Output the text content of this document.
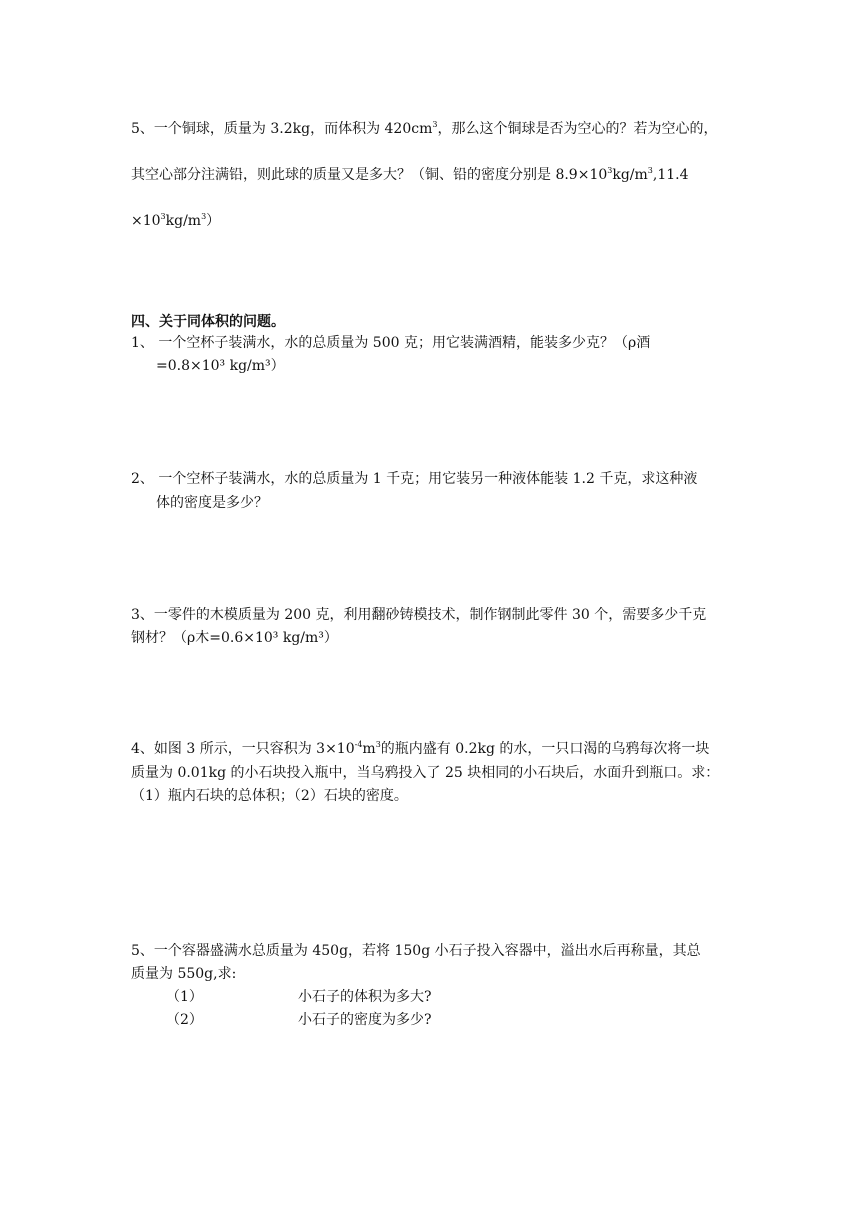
5、一个铜球，质量为 3.2kg，而体积为 $420cm^3$，那么这个铜球是否为空心的？若为空心的，
其空心部分注满铅，则此球的质量又是多大？（铜、铅的密度分别是 $8.9\times 10^3kg/m^3,11.4$
$\times 10^3kg/m^3$）
四、关于同体积的问题。
1、 一个空杯子装满水，水的总质量为 500 克；用它装满酒精，能装多少克？（ρ酒
=0.8×10³ kg/m³）
2、 一个空杯子装满水，水的总质量为 1 千克；用它装另一种液体能装 1.2 千克，求这种液
体的密度是多少？
3、一零件的木模质量为 200 克，利用翻砂铸模技术，制作钢制此零件 30 个，需要多少千克
钢材？（ρ木=0.6×10³ kg/m³）
4、如图 3 所示，一只容积为 $3\times 10^{-4}m^3$的瓶内盛有 0.2kg 的水，一只口渴的乌鸦每次将一块
质量为 0.01kg 的小石块投入瓶中，当乌鸦投入了 25 块相同的小石块后，水面升到瓶口。求：
（1）瓶内石块的总体积；（2）石块的密度。
5、一个容器盛满水总质量为 450g，若将 150g 小石子投入容器中，溢出水后再称量，其总
质量为 550g,求:
（1）	小石子的体积为多大?
（2）	小石子的密度为多少?
